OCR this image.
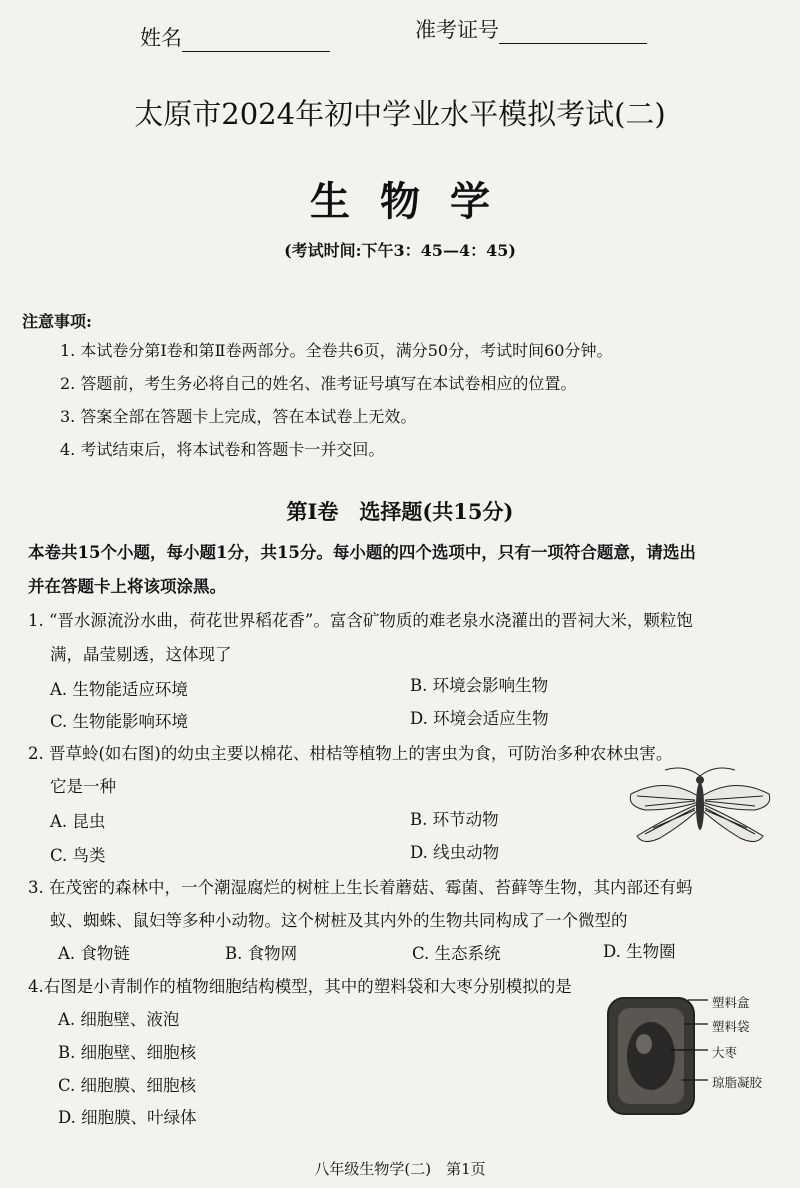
姓名	准考证号
太原市2024年初中学业水平模拟考试(二)
生物学
(考试时间:下午3：45—4：45)
注意事项:
1. 本试卷分第Ⅰ卷和第Ⅱ卷两部分。全卷共6页，满分50分，考试时间60分钟。
2. 答题前，考生务必将自己的姓名、准考证号填写在本试卷相应的位置。
3. 答案全部在答题卡上完成，答在本试卷上无效。
4. 考试结束后，将本试卷和答题卡一并交回。
第Ⅰ卷　选择题(共15分)
本卷共15个小题，每小题1分，共15分。每小题的四个选项中，只有一项符合题意，请选出
并在答题卡上将该项涂黑。
1. “晋水源流汾水曲，荷花世界稻花香”。富含矿物质的难老泉水浇灌出的晋祠大米，颗粒饱
满，晶莹剔透，这体现了
A. 生物能适应环境	B. 环境会影响生物
C. 生物能影响环境	D. 环境会适应生物
2. 晋草蛉(如右图)的幼虫主要以棉花、柑桔等植物上的害虫为食，可防治多种农林虫害。
它是一种
A. 昆虫	B. 环节动物
C. 鸟类	D. 线虫动物
3. 在茂密的森林中，一个潮湿腐烂的树桩上生长着蘑菇、霉菌、苔藓等生物，其内部还有蚂
蚁、蜘蛛、鼠妇等多种小动物。这个树桩及其内外的生物共同构成了一个微型的
A. 食物链	B. 食物网	C. 生态系统	D. 生物圈
4.右图是小青制作的植物细胞结构模型，其中的塑料袋和大枣分别模拟的是
A. 细胞壁、液泡
B. 细胞壁、细胞核
C. 细胞膜、细胞核
D. 细胞膜、叶绿体
塑料盒
塑料袋
大枣
琼脂凝胶
八年级生物学(二)　第1页
